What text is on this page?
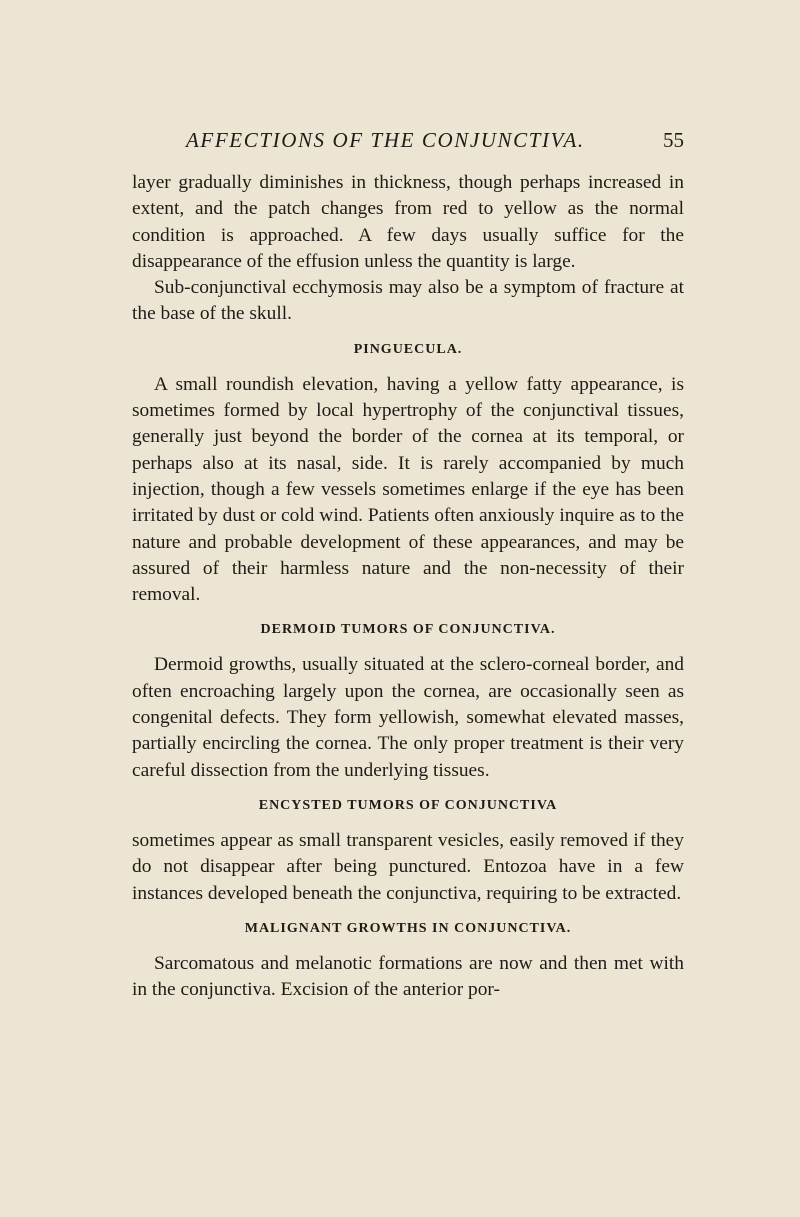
AFFECTIONS OF THE CONJUNCTIVA.	55

layer gradually diminishes in thickness, though perhaps increased in extent, and the patch changes from red to yellow as the normal condition is approached. A few days usually suffice for the disappearance of the effusion unless the quantity is large.

Sub-conjunctival ecchymosis may also be a symptom of fracture at the base of the skull.

PINGUECULA.

A small roundish elevation, having a yellow fatty appearance, is sometimes formed by local hypertrophy of the conjunctival tissues, generally just beyond the border of the cornea at its temporal, or perhaps also at its nasal, side. It is rarely accompanied by much injection, though a few vessels sometimes enlarge if the eye has been irritated by dust or cold wind. Patients often anxiously inquire as to the nature and probable development of these appearances, and may be assured of their harmless nature and the non-necessity of their removal.

DERMOID TUMORS OF CONJUNCTIVA.

Dermoid growths, usually situated at the sclero-corneal border, and often encroaching largely upon the cornea, are occasionally seen as congenital defects. They form yellowish, somewhat elevated masses, partially encircling the cornea. The only proper treatment is their very careful dissection from the underlying tissues.

ENCYSTED TUMORS OF CONJUNCTIVA

sometimes appear as small transparent vesicles, easily removed if they do not disappear after being punctured. Entozoa have in a few instances developed beneath the conjunctiva, requiring to be extracted.

MALIGNANT GROWTHS IN CONJUNCTIVA.

Sarcomatous and melanotic formations are now and then met with in the conjunctiva. Excision of the anterior por-
